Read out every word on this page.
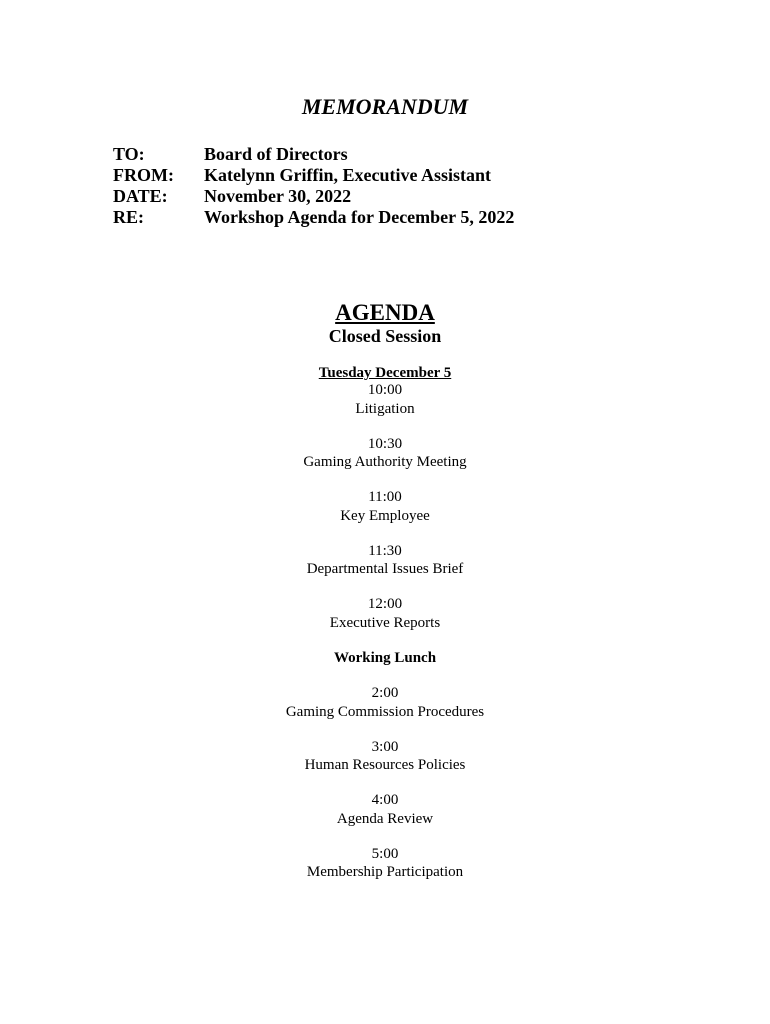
MEMORANDUM
TO:	Board of Directors
FROM:	Katelynn Griffin, Executive Assistant
DATE:	November 30, 2022
RE:	Workshop Agenda for December 5, 2022
AGENDA
Closed Session
Tuesday December 5
10:00
Litigation
10:30
Gaming Authority Meeting
11:00
Key Employee
11:30
Departmental Issues Brief
12:00
Executive Reports
Working Lunch
2:00
Gaming Commission Procedures
3:00
Human Resources Policies
4:00
Agenda Review
5:00
Membership Participation
